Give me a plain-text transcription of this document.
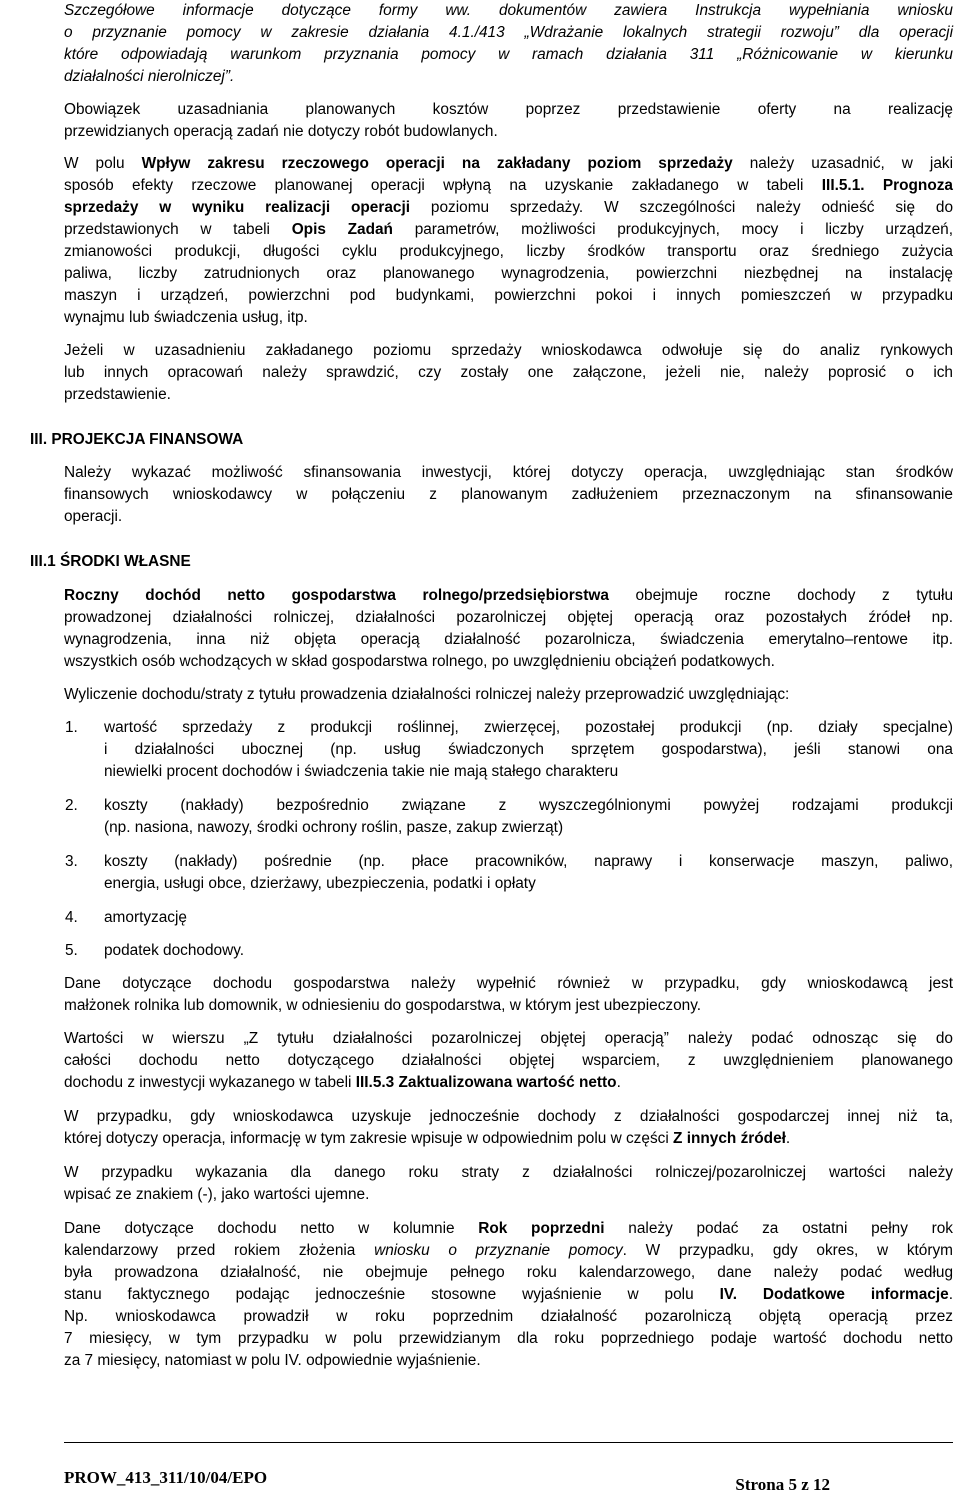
Szczegółowe informacje dotyczące formy ww. dokumentów zawiera Instrukcja wypełniania wniosku
o przyznanie pomocy w zakresie działania 4.1./413 „Wdrażanie lokalnych strategii rozwoju” dla operacji
które odpowiadają warunkom przyznania pomocy w ramach działania 311 „Różnicowanie w kierunku
działalności nierolniczej”.

Obowiązek uzasadniania planowanych kosztów poprzez przedstawienie oferty na realizację
przewidzianych operacją zadań nie dotyczy robót budowlanych.

W polu Wpływ zakresu rzeczowego operacji na zakładany poziom sprzedaży należy uzasadnić, w jaki
sposób efekty rzeczowe planowanej operacji wpłyną na uzyskanie zakładanego w tabeli III.5.1. Prognoza
sprzedaży w wyniku realizacji operacji poziomu sprzedaży. W szczególności należy odnieść się do
przedstawionych w tabeli Opis Zadań parametrów, możliwości produkcyjnych, mocy i liczby urządzeń,
zmianowości produkcji, długości cyklu produkcyjnego, liczby środków transportu oraz średniego zużycia
paliwa, liczby zatrudnionych oraz planowanego wynagrodzenia, powierzchni niezbędnej na instalację
maszyn i urządzeń, powierzchni pod budynkami, powierzchni pokoi i innych pomieszczeń w przypadku
wynajmu lub świadczenia usług, itp.

Jeżeli w uzasadnieniu zakładanego poziomu sprzedaży wnioskodawca odwołuje się do analiz rynkowych
lub innych opracowań należy sprawdzić, czy zostały one załączone, jeżeli nie, należy poprosić o ich
przedstawienie.

III. PROJEKCJA FINANSOWA

Należy wykazać możliwość sfinansowania inwestycji, której dotyczy operacja, uwzględniając stan środków
finansowych wnioskodawcy w połączeniu z planowanym zadłużeniem przeznaczonym na sfinansowanie
operacji.

III.1 ŚRODKI WŁASNE

Roczny dochód netto gospodarstwa rolnego/przedsiębiorstwa obejmuje roczne dochody z tytułu
prowadzonej działalności rolniczej, działalności pozarolniczej objętej operacją oraz pozostałych źródeł np.
wynagrodzenia, inna niż objęta operacją działalność pozarolnicza, świadczenia emerytalno–rentowe itp.
wszystkich osób wchodzących w skład gospodarstwa rolnego, po uwzględnieniu obciążeń podatkowych.

Wyliczenie dochodu/straty z tytułu prowadzenia działalności rolniczej należy przeprowadzić uwzględniając:

1. wartość sprzedaży z produkcji roślinnej, zwierzęcej, pozostałej produkcji (np. działy specjalne)
i działalności ubocznej (np. usług świadczonych sprzętem gospodarstwa), jeśli stanowi ona
niewielki procent dochodów i świadczenia takie nie mają stałego charakteru
2. koszty (nakłady) bezpośrednio związane z wyszczególnionymi powyżej rodzajami produkcji
(np. nasiona, nawozy, środki ochrony roślin, pasze, zakup zwierząt)
3. koszty (nakłady) pośrednie (np. płace pracowników, naprawy i konserwacje maszyn, paliwo,
energia, usługi obce, dzierżawy, ubezpieczenia, podatki i opłaty
4. amortyzację
5. podatek dochodowy.

Dane dotyczące dochodu gospodarstwa należy wypełnić również w przypadku, gdy wnioskodawcą jest
małżonek rolnika lub domownik, w odniesieniu do gospodarstwa, w którym jest ubezpieczony.

Wartości w wierszu „Z tytułu działalności pozarolniczej objętej operacją” należy podać odnosząc się do
całości dochodu netto dotyczącego działalności objętej wsparciem, z uwzględnieniem planowanego
dochodu z inwestycji wykazanego w tabeli III.5.3 Zaktualizowana wartość netto.

W przypadku, gdy wnioskodawca uzyskuje jednocześnie dochody z działalności gospodarczej innej niż ta,
której dotyczy operacja, informację w tym zakresie wpisuje w odpowiednim polu w części Z innych źródeł.

W przypadku wykazania dla danego roku straty z działalności rolniczej/pozarolniczej wartości należy
wpisać ze znakiem (-), jako wartości ujemne.

Dane dotyczące dochodu netto w kolumnie Rok poprzedni należy podać za ostatni pełny rok
kalendarzowy przed rokiem złożenia wniosku o przyznanie pomocy. W przypadku, gdy okres, w którym
była prowadzona działalność, nie obejmuje pełnego roku kalendarzowego, dane należy podać według
stanu faktycznego podając jednocześnie stosowne wyjaśnienie w polu IV. Dodatkowe informacje.
Np. wnioskodawca prowadził w roku poprzednim działalność pozarolniczą objętą operacją przez
7 miesięcy, w tym przypadku w polu przewidzianym dla roku poprzedniego podaje wartość dochodu netto
za 7 miesięcy, natomiast w polu IV. odpowiednie wyjaśnienie.

PROW_413_311/10/04/EPO	Strona 5 z 12
